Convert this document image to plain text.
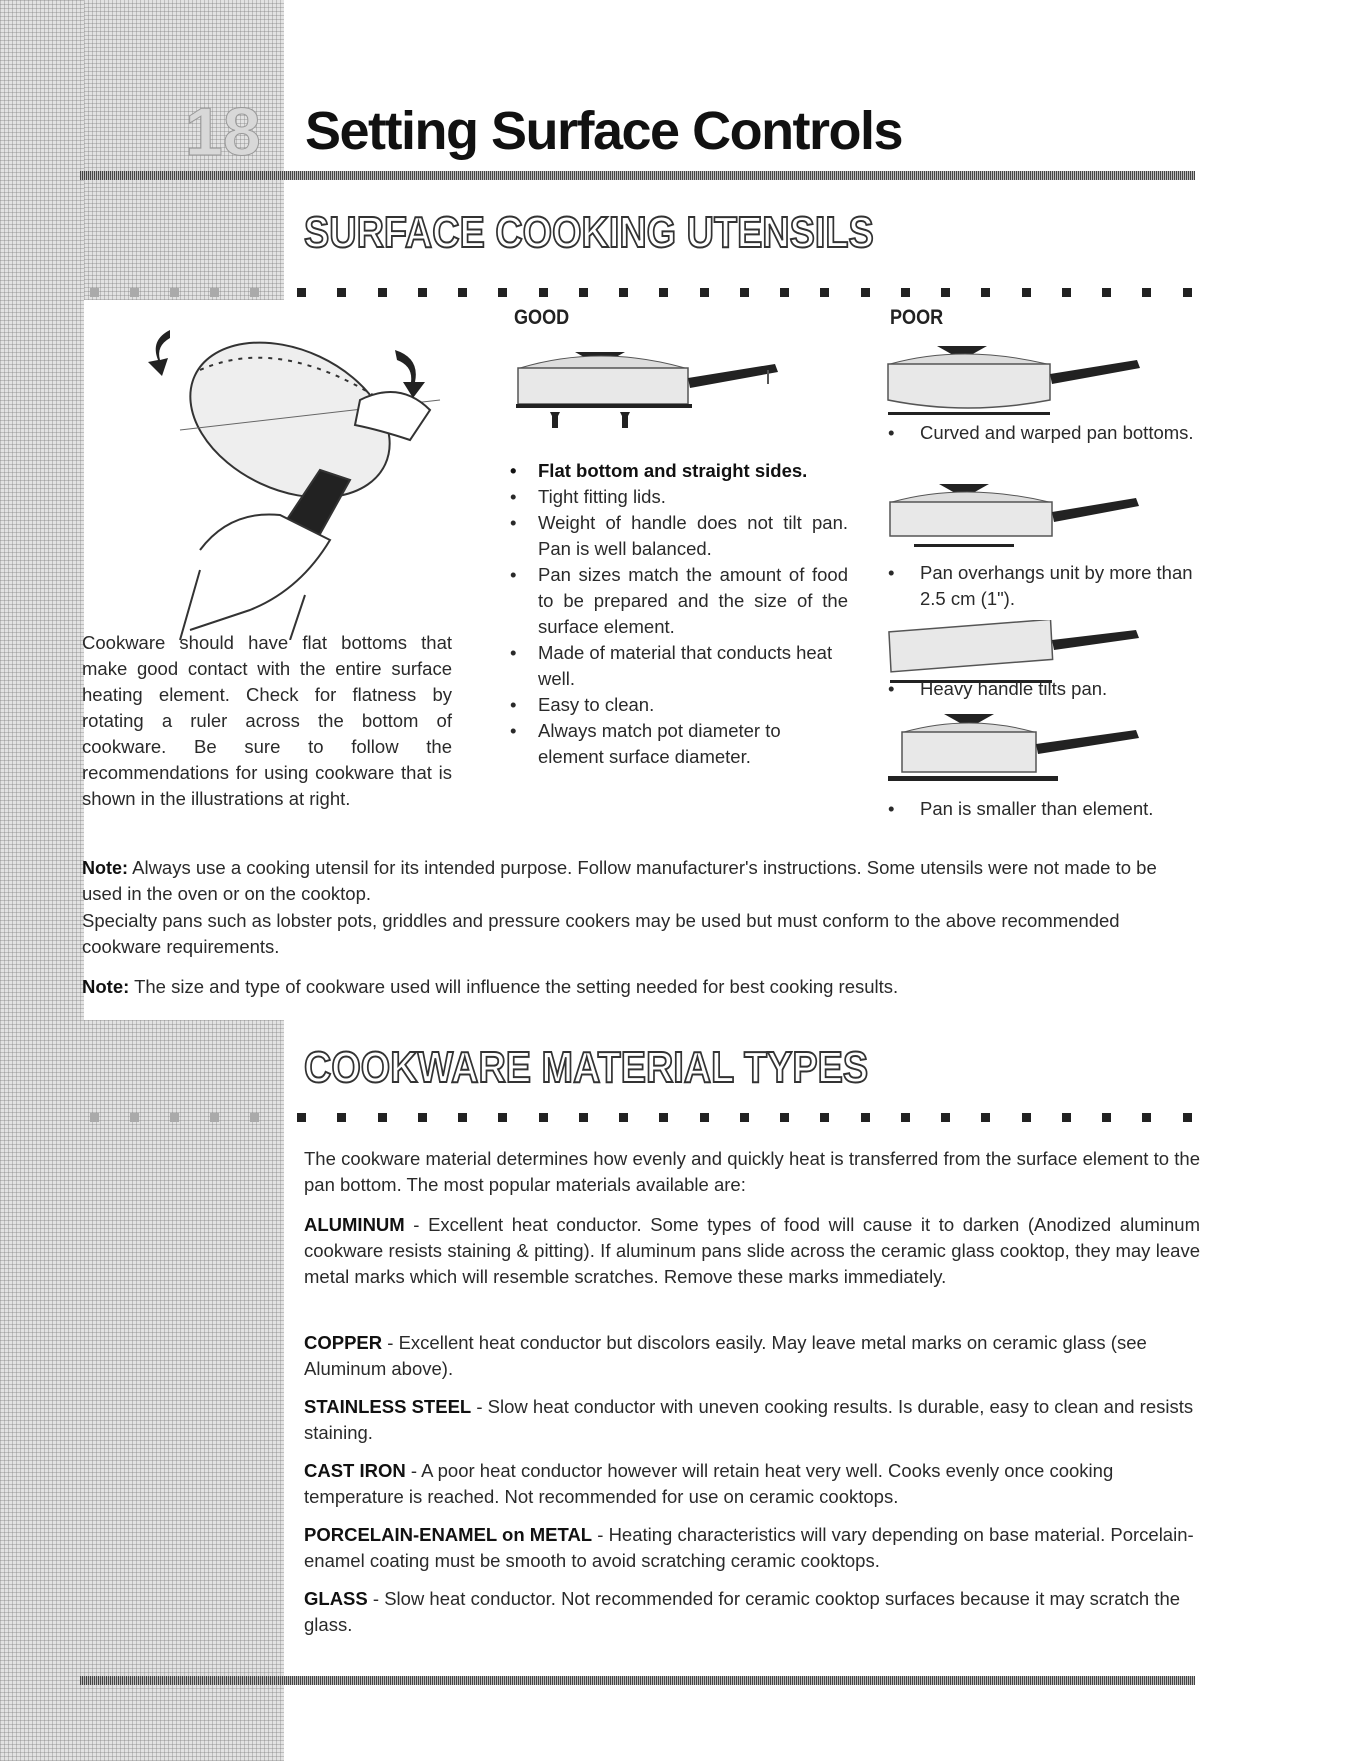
18 Setting Surface Controls
SURFACE COOKING UTENSILS
Cookware should have flat bottoms that make good contact with the entire surface heating element. Check for flatness by rotating a ruler across the bottom of cookware. Be sure to follow the recommendations for using cookware that is shown in the illustrations at right.
GOOD
• Flat bottom and straight sides.
• Tight fitting lids.
• Weight of handle does not tilt pan. Pan is well balanced.
• Pan sizes match the amount of food to be prepared and the size of the surface element.
• Made of material that conducts heat well.
• Easy to clean.
• Always match pot diameter to element surface diameter.
POOR
• Curved and warped pan bottoms.
• Pan overhangs unit by more than 2.5 cm (1").
• Heavy handle tilts pan.
• Pan is smaller than element.
Note: Always use a cooking utensil for its intended purpose. Follow manufacturer's instructions. Some utensils were not made to be used in the oven or on the cooktop.
Specialty pans such as lobster pots, griddles and pressure cookers may be used but must conform to the above recommended cookware requirements.
Note: The size and type of cookware used will influence the setting needed for best cooking results.
COOKWARE MATERIAL TYPES
The cookware material determines how evenly and quickly heat is transferred from the surface element to the pan bottom. The most popular materials available are:
ALUMINUM - Excellent heat conductor. Some types of food will cause it to darken (Anodized aluminum cookware resists staining & pitting). If aluminum pans slide across the ceramic glass cooktop, they may leave metal marks which will resemble scratches. Remove these marks immediately.
COPPER - Excellent heat conductor but discolors easily. May leave metal marks on ceramic glass (see Aluminum above).
STAINLESS STEEL - Slow heat conductor with uneven cooking results. Is durable, easy to clean and resists staining.
CAST IRON - A poor heat conductor however will retain heat very well. Cooks evenly once cooking temperature is reached. Not recommended for use on ceramic cooktops.
PORCELAIN-ENAMEL on METAL - Heating characteristics will vary depending on base material. Porcelain-enamel coating must be smooth to avoid scratching ceramic cooktops.
GLASS - Slow heat conductor. Not recommended for ceramic cooktop surfaces because it may scratch the glass.
